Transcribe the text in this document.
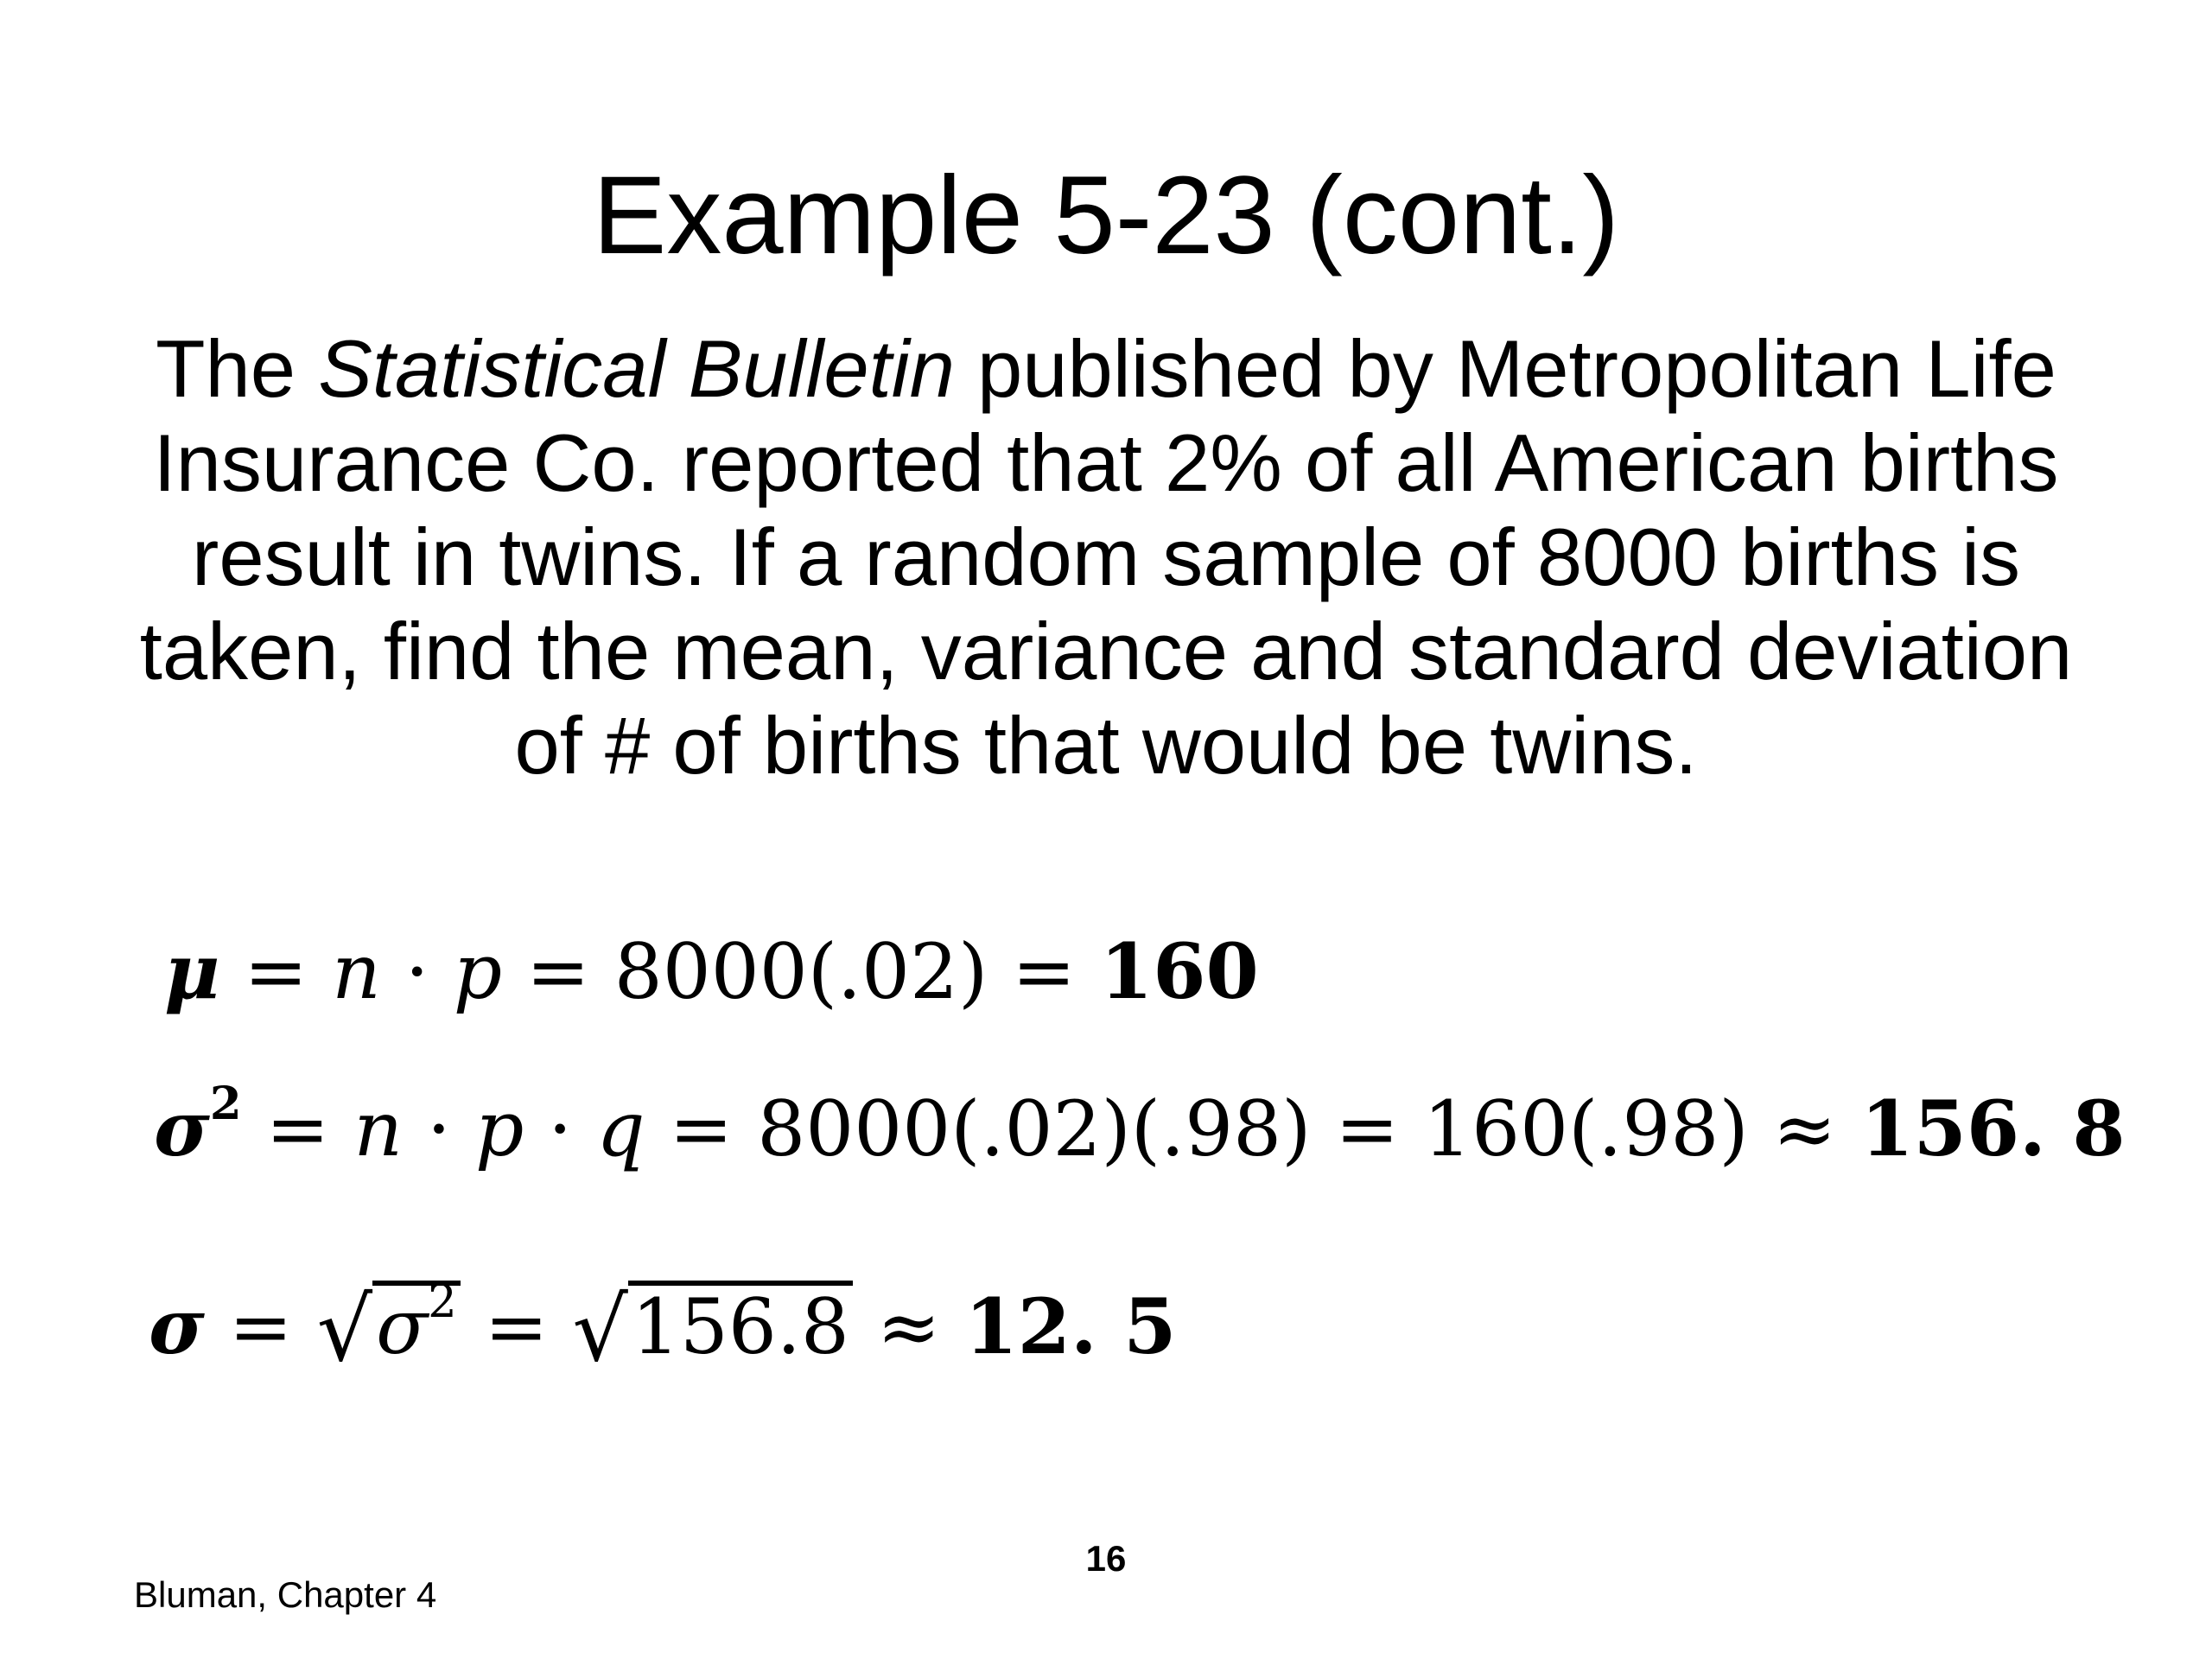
Example 5-23 (cont.)

The Statistical Bulletin published by Metropolitan Life Insurance Co. reported that 2% of all American births result in twins. If a random sample of 8000 births is taken, find the mean, variance and standard deviation of # of births that would be twins.

μ = n · p = 8000(.02) = 160
$\sigma^2 = n \cdot p \cdot q = 8000(.02)(.98) = 160(.98) \approx 156$. 8
$\sigma = √\sigma^2 = √156.8 \approx 12$. 5

16

Bluman, Chapter 4
